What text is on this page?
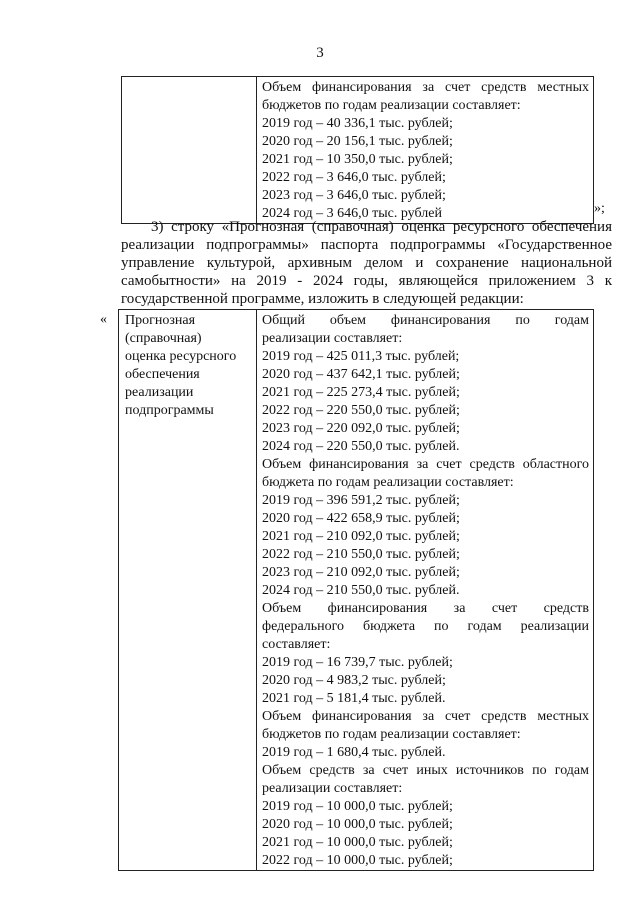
3

Объем финансирования за счет средств местных
бюджетов по годам реализации составляет:
2019 год – 40 336,1 тыс. рублей;
2020 год – 20 156,1 тыс. рублей;
2021 год – 10 350,0 тыс. рублей;
2022 год – 3 646,0 тыс. рублей;
2023 год – 3 646,0 тыс. рублей;
2024 год – 3 646,0 тыс. рублей	»;
3) строку «Прогнозная (справочная) оценка ресурсного обеспечения
реализации подпрограммы» паспорта подпрограммы «Государственное
управление культурой, архивным делом и сохранение национальной
самобытности» на 2019 - 2024 годы, являющейся приложением 3 к
государственной программе, изложить в следующей редакции:
« Прогнозная
(справочная)
оценка ресурсного
обеспечения
реализации
подпрограммы

Общий объем финансирования по годам
реализации составляет:
2019 год – 425 011,3 тыс. рублей;
2020 год – 437 642,1 тыс. рублей;
2021 год – 225 273,4 тыс. рублей;
2022 год – 220 550,0 тыс. рублей;
2023 год – 220 092,0 тыс. рублей;
2024 год – 220 550,0 тыс. рублей.
Объем финансирования за счет средств областного
бюджета по годам реализации составляет:
2019 год – 396 591,2 тыс. рублей;
2020 год – 422 658,9 тыс. рублей;
2021 год – 210 092,0 тыс. рублей;
2022 год – 210 550,0 тыс. рублей;
2023 год – 210 092,0 тыс. рублей;
2024 год – 210 550,0 тыс. рублей.
Объем финансирования за счет средств
федерального бюджета по годам реализации
составляет:
2019 год – 16 739,7 тыс. рублей;
2020 год – 4 983,2 тыс. рублей;
2021 год – 5 181,4 тыс. рублей.
Объем финансирования за счет средств местных
бюджетов по годам реализации составляет:
2019 год – 1 680,4 тыс. рублей.
Объем средств за счет иных источников по годам
реализации составляет:
2019 год – 10 000,0 тыс. рублей;
2020 год – 10 000,0 тыс. рублей;
2021 год – 10 000,0 тыс. рублей;
2022 год – 10 000,0 тыс. рублей;
